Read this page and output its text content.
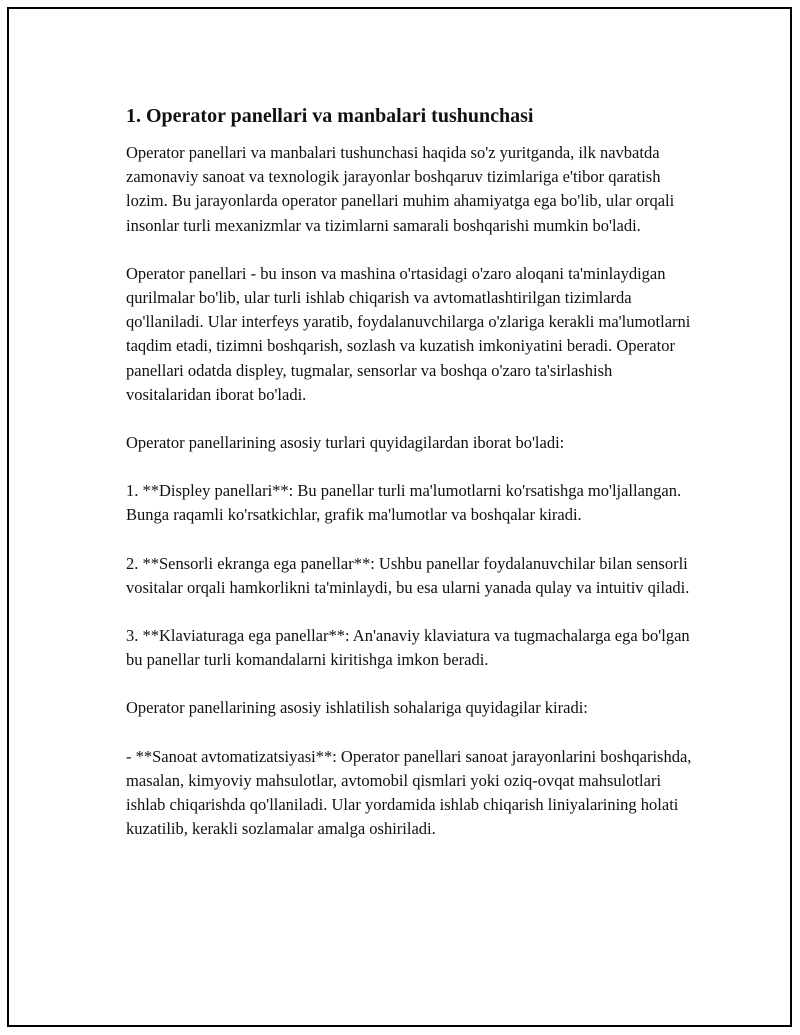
1. Operator panellari va manbalari tushunchasi

Operator panellari va manbalari tushunchasi haqida so'z yuritganda, ilk navbatda zamonaviy sanoat va texnologik jarayonlar boshqaruv tizimlariga e'tibor qaratish lozim. Bu jarayonlarda operator panellari muhim ahamiyatga ega bo'lib, ular orqali insonlar turli mexanizmlar va tizimlarni samarali boshqarishi mumkin bo'ladi.

Operator panellari - bu inson va mashina o'rtasidagi o'zaro aloqani ta'minlaydigan qurilmalar bo'lib, ular turli ishlab chiqarish va avtomatlashtirilgan tizimlarda qo'llaniladi. Ular interfeys yaratib, foydalanuvchilarga o'zlariga kerakli ma'lumotlarni taqdim etadi, tizimni boshqarish, sozlash va kuzatish imkoniyatini beradi. Operator panellari odatda displey, tugmalar, sensorlar va boshqa o'zaro ta'sirlashish vositalaridan iborat bo'ladi.

Operator panellarining asosiy turlari quyidagilardan iborat bo'ladi:

1. **Displey panellari**: Bu panellar turli ma'lumotlarni ko'rsatishga mo'ljallangan. Bunga raqamli ko'rsatkichlar, grafik ma'lumotlar va boshqalar kiradi.

2. **Sensorli ekranga ega panellar**: Ushbu panellar foydalanuvchilar bilan sensorli vositalar orqali hamkorlikni ta'minlaydi, bu esa ularni yanada qulay va intuitiv qiladi.

3. **Klaviaturaga ega panellar**: An'anaviy klaviatura va tugmachalarga ega bo'lgan bu panellar turli komandalarni kiritishga imkon beradi.

Operator panellarining asosiy ishlatilish sohalariga quyidagilar kiradi:

- **Sanoat avtomatizatsiyasi**: Operator panellari sanoat jarayonlarini boshqarishda, masalan, kimyoviy mahsulotlar, avtomobil qismlari yoki oziq-ovqat mahsulotlari ishlab chiqarishda qo'llaniladi. Ular yordamida ishlab chiqarish liniyalarining holati kuzatilib, kerakli sozlamalar amalga oshiriladi.
